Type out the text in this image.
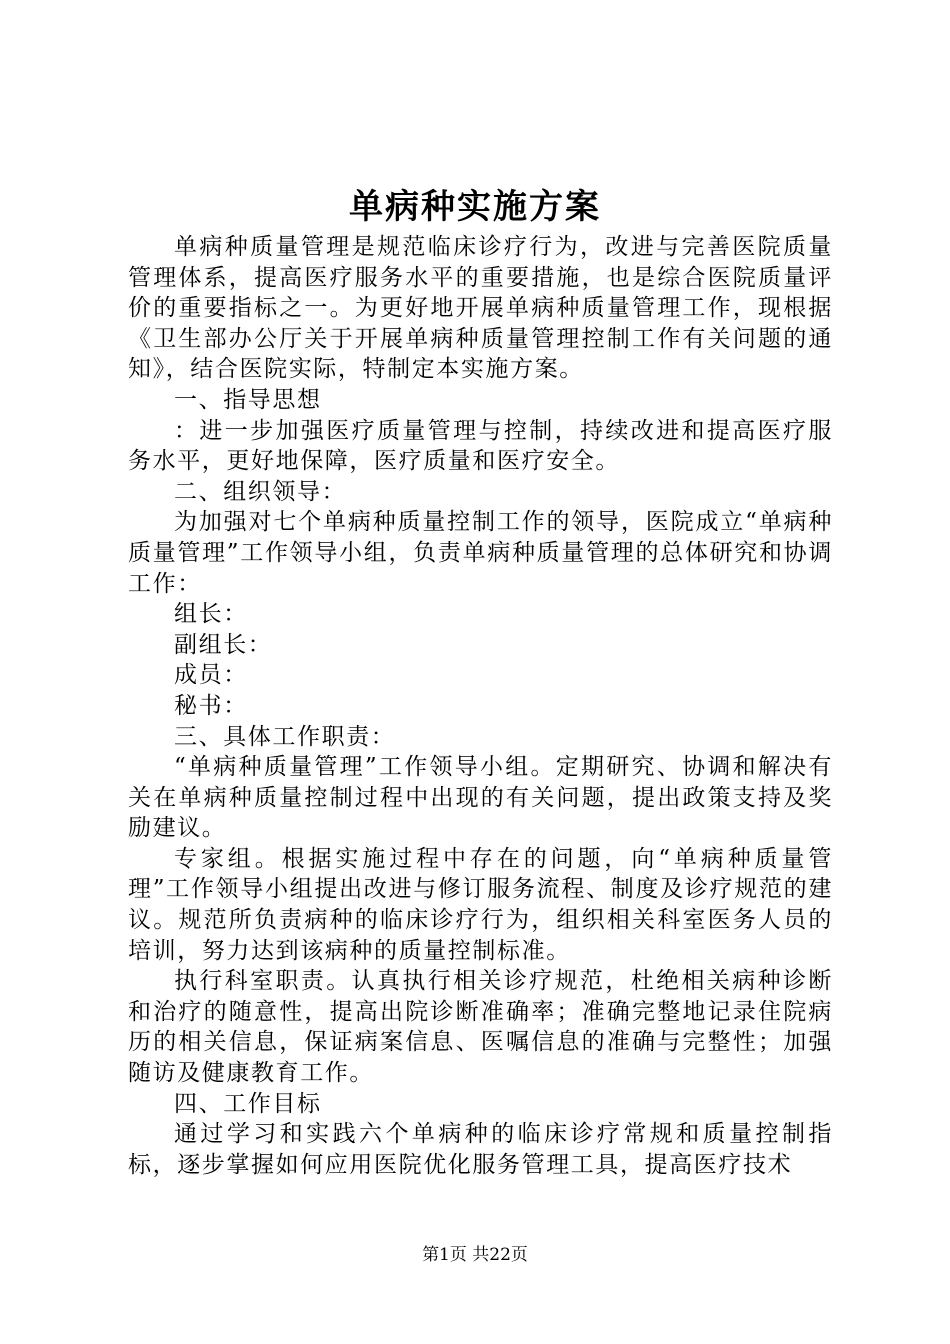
单病种实施方案

单病种质量管理是规范临床诊疗行为，改进与完善医院质量管理体系，提高医疗服务水平的重要措施，也是综合医院质量评价的重要指标之一。为更好地开展单病种质量管理工作，现根据《卫生部办公厅关于开展单病种质量管理控制工作有关问题的通知》，结合医院实际，特制定本实施方案。

一、指导思想

：进一步加强医疗质量管理与控制，持续改进和提高医疗服务水平，更好地保障，医疗质量和医疗安全。

二、组织领导：

为加强对七个单病种质量控制工作的领导，医院成立“单病种质量管理”工作领导小组，负责单病种质量管理的总体研究和协调工作：

组长：

副组长：

成员：

秘书：

三、具体工作职责：

“单病种质量管理”工作领导小组。定期研究、协调和解决有关在单病种质量控制过程中出现的有关问题，提出政策支持及奖励建议。

专家组。根据实施过程中存在的问题，向“单病种质量管理”工作领导小组提出改进与修订服务流程、制度及诊疗规范的建议。规范所负责病种的临床诊疗行为，组织相关科室医务人员的培训，努力达到该病种的质量控制标准。

执行科室职责。认真执行相关诊疗规范，杜绝相关病种诊断和治疗的随意性，提高出院诊断准确率；准确完整地记录住院病历的相关信息，保证病案信息、医嘱信息的准确与完整性；加强随访及健康教育工作。

四、工作目标

通过学习和实践六个单病种的临床诊疗常规和质量控制指标，逐步掌握如何应用医院优化服务管理工具，提高医疗技术

第1页 共22页
